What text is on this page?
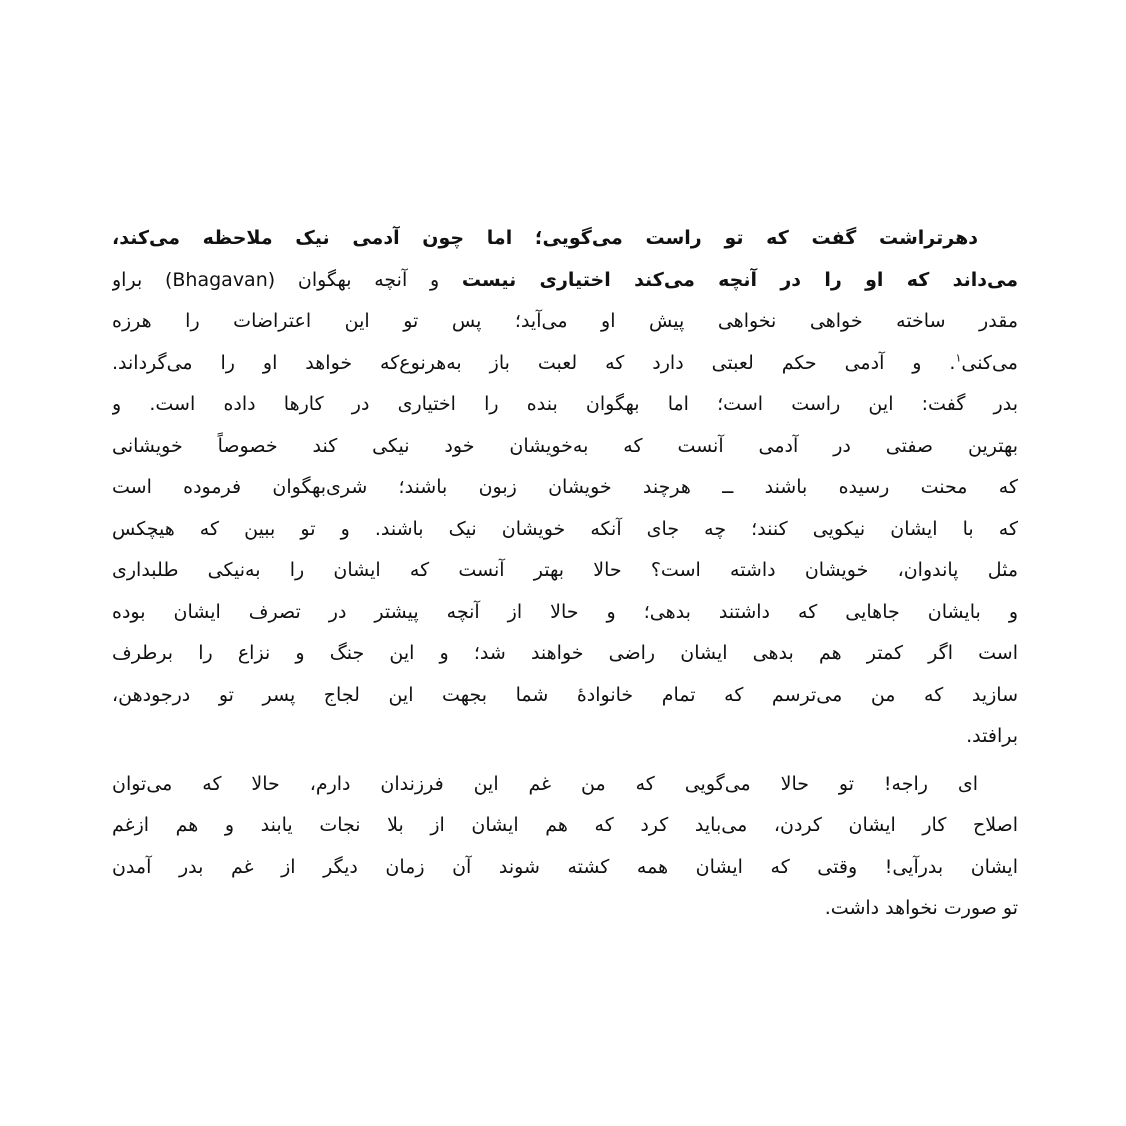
دهرتراشت گفت که تو راست می‌گویی؛ اما چون آدمی نیک ملاحظه می‌کند،
می‌داند که او را در آنچه می‌کند اختیاری نیست و آنچه بهگوان (Bhagavan) براو
مقدر ساخته خواهی نخواهی پیش او می‌آید؛ پس تو این اعتراضات را هرزه
می‌کنی$^۱$. و آدمی حکم لعبتی دارد که لعبت باز به‌هرنوع‌که خواهد او را می‌گرداند.
بدر گفت: این راست است؛ اما بهگوان بنده را اختیاری در کارها داده است. و
بهترین صفتی در آدمی آنست که به‌خویشان خود نیکی کند خصوصاً خویشانی
که محنت رسیده باشند ــ هرچند خویشان زبون باشند؛ شری‌بهگوان فرموده است
که با ایشان نیکویی کنند؛ چه جای آنکه خویشان نیک باشند. و تو ببین که هیچکس
مثل پاندوان، خویشان داشته است؟ حالا بهتر آنست که ایشان را به‌نیکی طلبداری
و بایشان جاهایی که داشتند بدهی؛ و حالا از آنچه پیشتر در تصرف ایشان بوده
است اگر کمتر هم بدهی ایشان راضی خواهند شد؛ و این جنگ و نزاع را برطرف
سازید که من می‌ترسم که تمام خانوادهٔ شما بجهت این لجاج پسر تو درجودهن،
برافتد.
ای راجه! تو حالا می‌گویی که من غم این فرزندان دارم، حالا که می‌توان
اصلاح کار ایشان کردن، می‌باید کرد که هم ایشان از بلا نجات یابند و هم ازغم
ایشان بدرآیی! وقتی که ایشان همه کشته شوند آن زمان دیگر از غم بدر آمدن
تو صورت نخواهد داشت.
